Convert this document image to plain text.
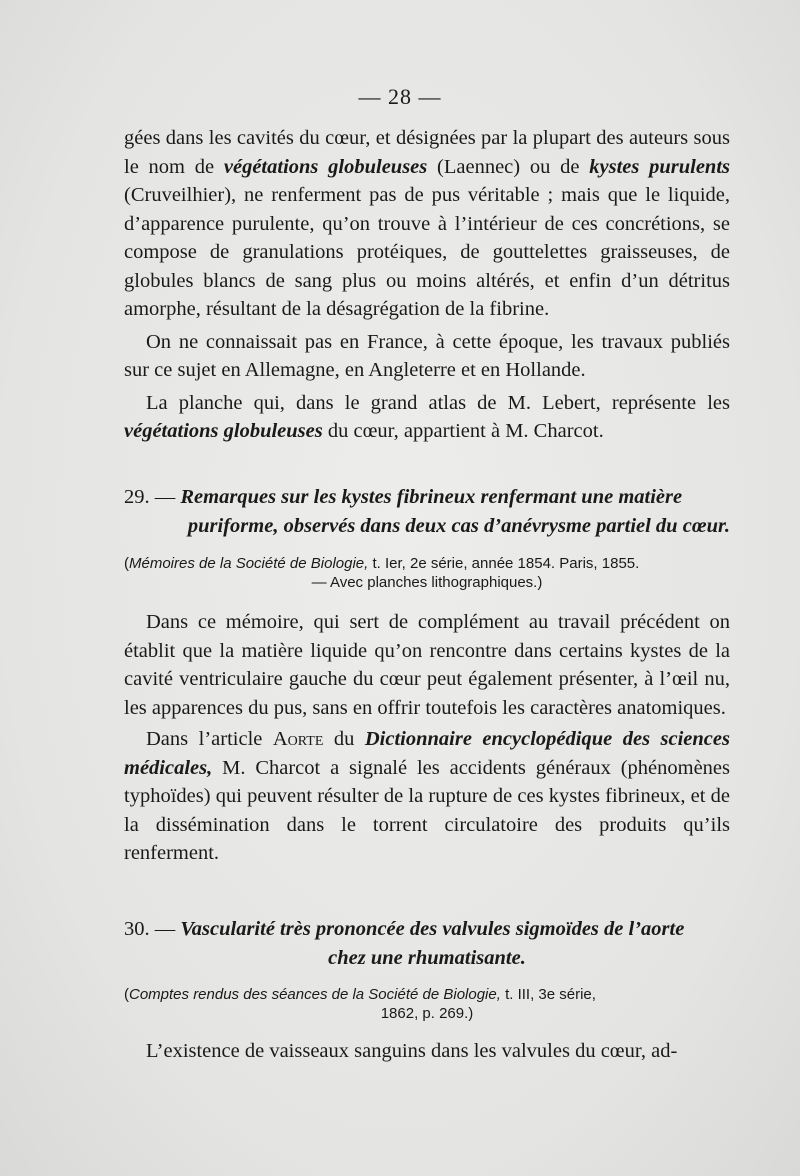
— 28 —

gées dans les cavités du cœur, et désignées par la plupart des auteurs sous le nom de végétations globuleuses (Laennec) ou de kystes purulents (Cruveilhier), ne renferment pas de pus véritable ; mais que le liquide, d’apparence purulente, qu’on trouve à l’intérieur de ces concrétions, se compose de granulations protéiques, de gouttelettes graisseuses, de globules blancs de sang plus ou moins altérés, et enfin d’un détritus amorphe, résultant de la désagrégation de la fibrine.

On ne connaissait pas en France, à cette époque, les travaux publiés sur ce sujet en Allemagne, en Angleterre et en Hollande.

La planche qui, dans le grand atlas de M. Lebert, représente les végétations globuleuses du cœur, appartient à M. Charcot.

29. — Remarques sur les kystes fibrineux renfermant une matière
puriforme, observés dans deux cas d’anévrysme partiel du cœur.

(Mémoires de la Société de Biologie, t. Ier, 2e série, année 1854. Paris, 1855.
— Avec planches lithographiques.)

Dans ce mémoire, qui sert de complément au travail précédent on établit que la matière liquide qu’on rencontre dans certains kystes de la cavité ventriculaire gauche du cœur peut également présenter, à l’œil nu, les apparences du pus, sans en offrir toutefois les caractères anatomiques.

Dans l’article Aorte du Dictionnaire encyclopédique des sciences médicales, M. Charcot a signalé les accidents généraux (phénomènes typhoïdes) qui peuvent résulter de la rupture de ces kystes fibrineux, et de la dissémination dans le torrent circulatoire des produits qu’ils renferment.

30. — Vascularité très prononcée des valvules sigmoïdes de l’aorte
chez une rhumatisante.

(Comptes rendus des séances de la Société de Biologie, t. III, 3e série,
1862, p. 269.)

L’existence de vaisseaux sanguins dans les valvules du cœur, ad-
